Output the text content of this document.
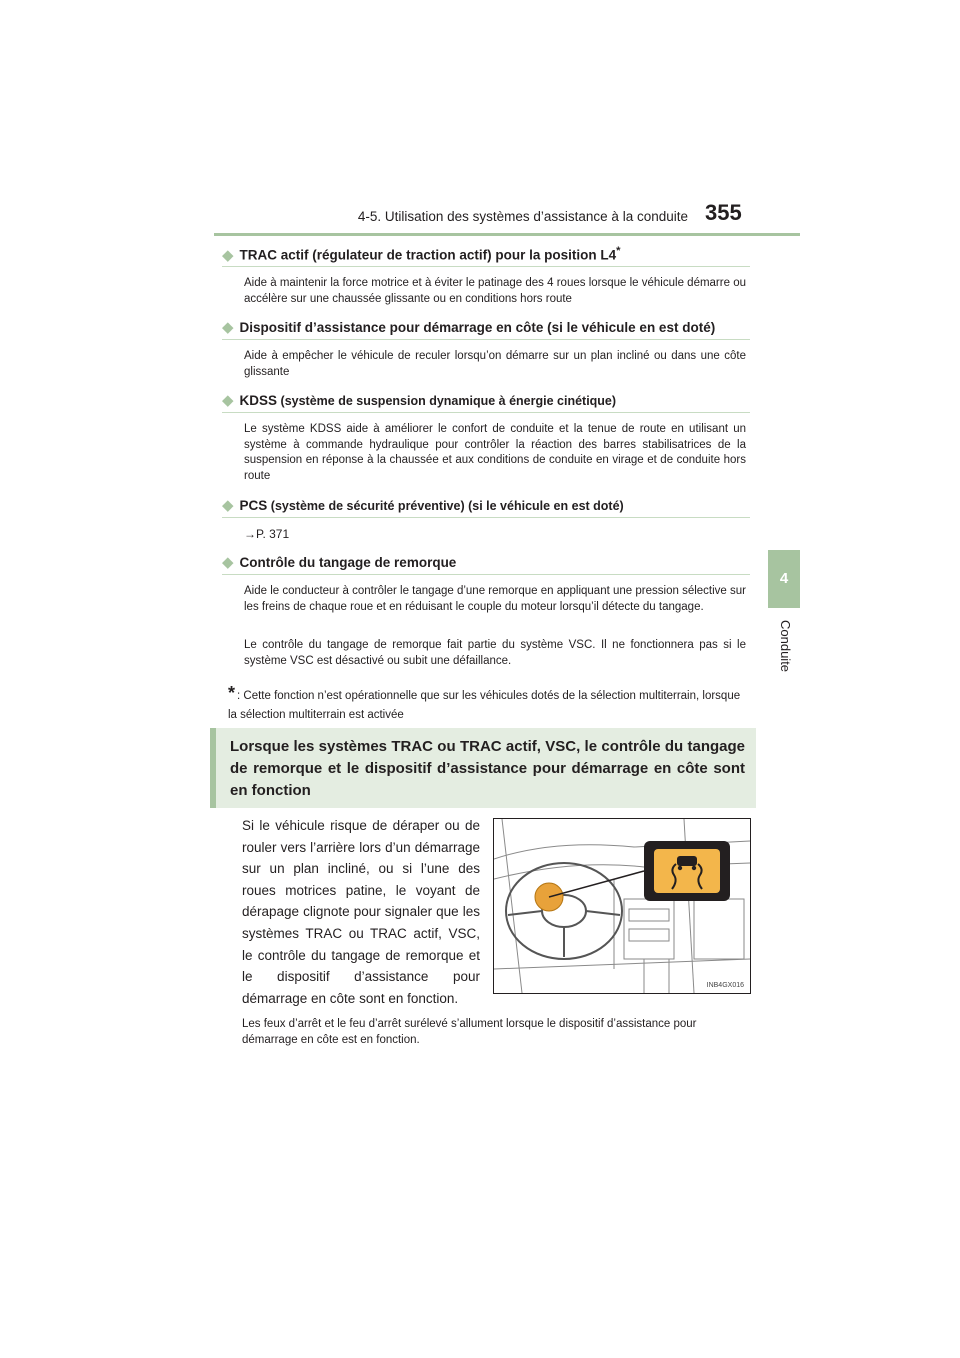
4-5. Utilisation des systèmes d’assistance à la conduite 355
4
Conduite
◆ TRAC actif (régulateur de traction actif) pour la position L4*
Aide à maintenir la force motrice et à éviter le patinage des 4 roues lorsque le véhicule démarre ou accélère sur une chaussée glissante ou en conditions hors route
◆ Dispositif d’assistance pour démarrage en côte (si le véhicule en est doté)
Aide à empêcher le véhicule de reculer lorsqu’on démarre sur un plan incliné ou dans une côte glissante
◆ KDSS (système de suspension dynamique à énergie cinétique)
Le système KDSS aide à améliorer le confort de conduite et la tenue de route en utilisant un système à commande hydraulique pour contrôler la réaction des barres stabilisatrices de la suspension en réponse à la chaussée et aux conditions de conduite en virage et de conduite hors route
◆ PCS (système de sécurité préventive) (si le véhicule en est doté)
→P. 371
◆ Contrôle du tangage de remorque
Aide le conducteur à contrôler le tangage d’une remorque en appliquant une pression sélective sur les freins de chaque roue et en réduisant le couple du moteur lorsqu’il détecte du tangage.
Le contrôle du tangage de remorque fait partie du système VSC. Il ne fonctionnera pas si le système VSC est désactivé ou subit une défaillance.
* : Cette fonction n’est opérationnelle que sur les véhicules dotés de la sélection multiterrain, lorsque la sélection multiterrain est activée
Lorsque les systèmes TRAC ou TRAC actif, VSC, le contrôle du tangage de remorque et le dispositif d’assistance pour démarrage en côte sont en fonction
Si le véhicule risque de déraper ou de rouler vers l’arrière lors d’un démarrage sur un plan incliné, ou si l’une des roues motrices patine, le voyant de dérapage clignote pour signaler que les systèmes TRAC ou TRAC actif, VSC, le contrôle du tangage de remorque et le dispositif d’assistance pour démarrage en côte sont en fonction.
INB4GX016
Les feux d’arrêt et le feu d’arrêt surélevé s’allument lorsque le dispositif d’assistance pour démarrage en côte est en fonction.
